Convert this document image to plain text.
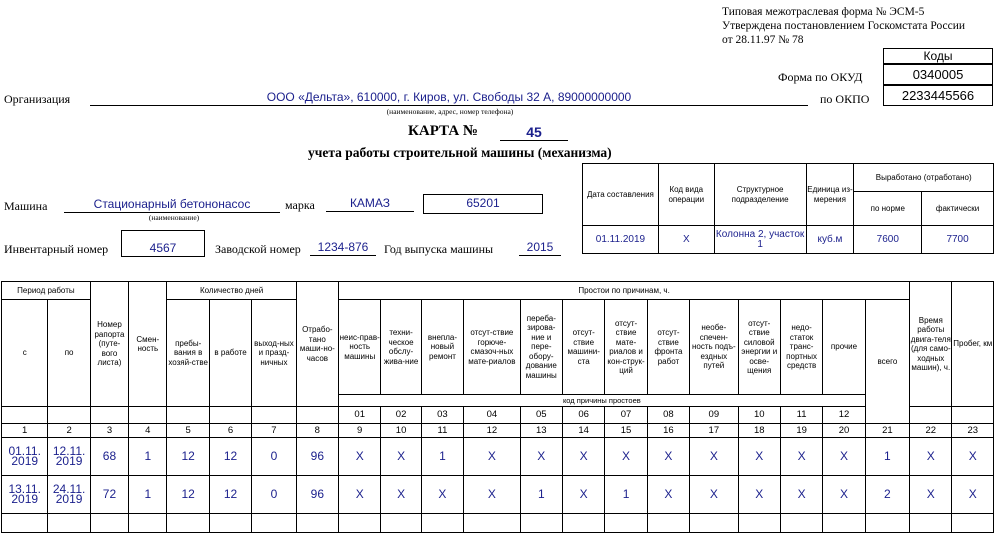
Типовая межотраслевая форма № ЭСМ-5
Утверждена постановлением Госкомстата России
от 28.11.97 № 78
Коды
Форма по ОКУД	0340005
по ОКПО	2233445566
Организация	ООО «Дельта», 610000, г. Киров, ул. Свободы 32 А, 89000000000
(наименование, адрес, номер телефона)
КАРТА №	45
учета работы строительной машины (механизма)
Машина	Стационарный бетононасос
(наименование)
марка	КАМАЗ	65201
Инвентарный номер	4567	Заводской номер	1234-876	Год выпуска машины	2015
Дата составления	Код вида операции	Структурное подразделение	Единица из-мерения	Выработано (отработано)	
				по норме	фактически
01.11.2019	Х	Колонна 2, участок 1	куб.м	7600	7700
Период работы		Номер рапорта (путе-вого листа)	Смен-ность	Количество дней			Отрабо-тано маши-но-часов	Простои по причинам, ч.													Время работы двига-теля (для само-ходных машин), ч.	Пробег, км
с	по			пребы-вания в хозяй-стве	в работе	выход-ных и празд-ничных		неис-прав-ность машины	техни-ческое обслу-жива-ние	внепла-новый ремонт	отсут-ствие горюче-смазоч-ных мате-риалов	переба-зирова-ние и пере-обору-дование машины	отсут-ствие машини-ста	отсут-ствие мате-риалов и кон-струк-ций	отсут-ствие фронта работ	необе-спечен-ность подъ-ездных путей	отсут-ствие силовой энергии и осве-щения	недо-статок транс-портных средств	прочие	всего		
								код причины простоев														
								01	02	03	04	05	06	07	08	09	10	11	12			
1	2	3	4	5	6	7	8	9	10	11	12	13	14	15	16	17	18	19	20	21	22	23
01.11. 2019	12.11. 2019	68	1	12	12	0	96	Х	Х	1	Х	Х	Х	Х	Х	Х	Х	Х	Х	1	Х	Х
13.11. 2019	24.11. 2019	72	1	12	12	0	96	Х	Х	Х	Х	1	Х	1	Х	Х	Х	Х	Х	2	Х	Х
